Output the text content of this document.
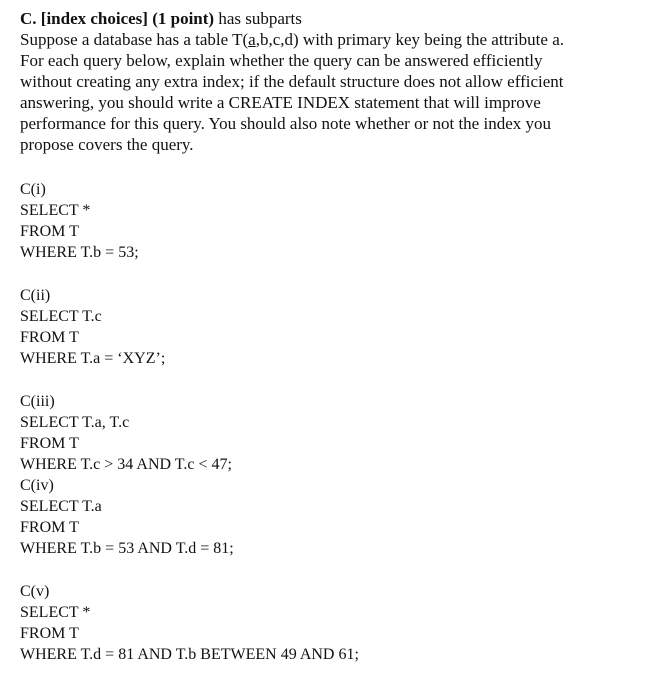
C. [index choices] (1 point) has subparts
Suppose a database has a table T(a,b,c,d) with primary key being the attribute a.
For each query below, explain whether the query can be answered efficiently
without creating any extra index; if the default structure does not allow efficient
answering, you should write a CREATE INDEX statement that will improve
performance for this query. You should also note whether or not the index you
propose covers the query.
C(i)
SELECT *
FROM T
WHERE T.b = 53;
C(ii)
SELECT T.c
FROM T
WHERE T.a = ‘XYZ’;
C(iii)
SELECT T.a, T.c
FROM T
WHERE T.c > 34 AND T.c < 47;
C(iv)
SELECT T.a
FROM T
WHERE T.b = 53 AND T.d = 81;
C(v)
SELECT *
FROM T
WHERE T.d = 81 AND T.b BETWEEN 49 AND 61;
